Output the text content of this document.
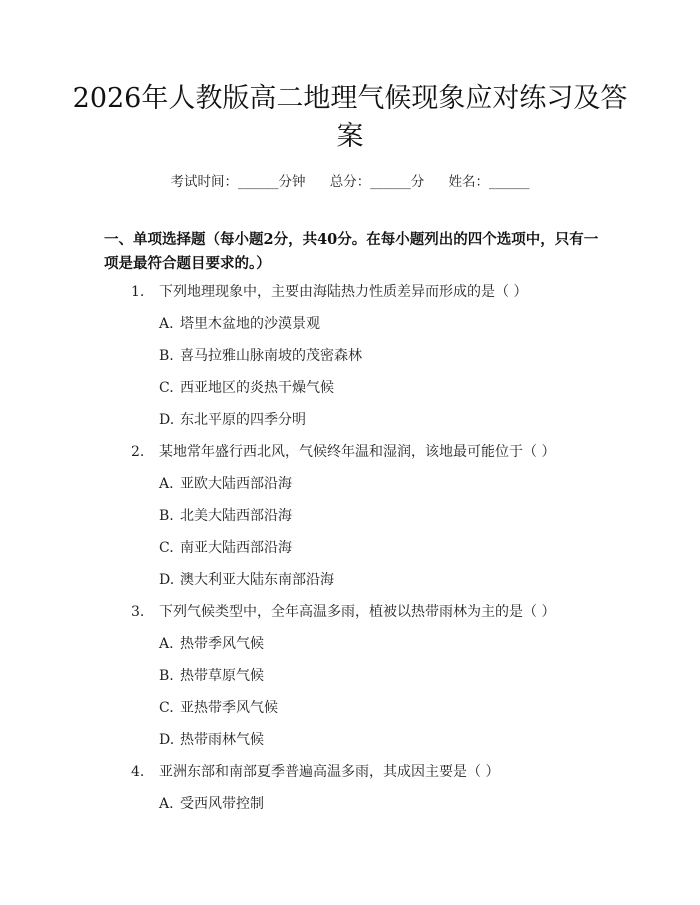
2026年人教版高二地理气候现象应对练习及答案
考试时间：______分钟 总分：______分 姓名：______
一、单项选择题（每小题2分，共40分。在每小题列出的四个选项中，只有一项是最符合题目要求的。）
1. 下列地理现象中，主要由海陆热力性质差异而形成的是（ ）
A. 塔里木盆地的沙漠景观
B. 喜马拉雅山脉南坡的茂密森林
C. 西亚地区的炎热干燥气候
D. 东北平原的四季分明
2. 某地常年盛行西北风，气候终年温和湿润，该地最可能位于（ ）
A. 亚欧大陆西部沿海
B. 北美大陆西部沿海
C. 南亚大陆西部沿海
D. 澳大利亚大陆东南部沿海
3. 下列气候类型中，全年高温多雨，植被以热带雨林为主的是（ ）
A. 热带季风气候
B. 热带草原气候
C. 亚热带季风气候
D. 热带雨林气候
4. 亚洲东部和南部夏季普遍高温多雨，其成因主要是（ ）
A. 受西风带控制
